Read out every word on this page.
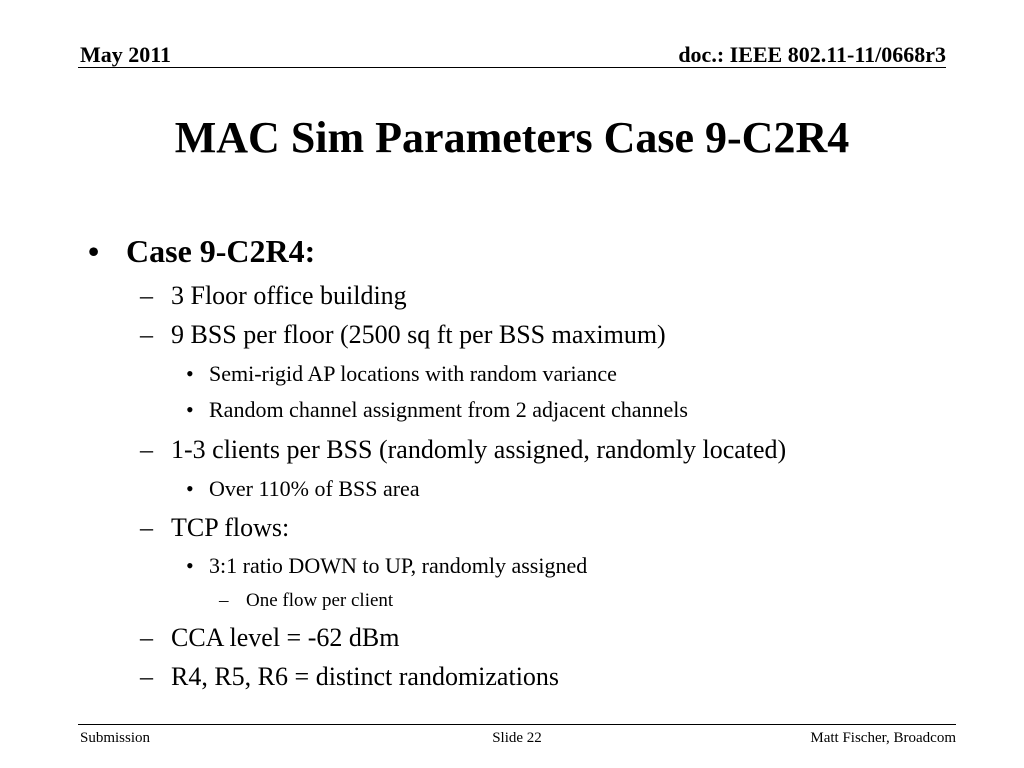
May 2011	doc.: IEEE 802.11-11/0668r3
MAC Sim Parameters Case 9-C2R4
• Case 9-C2R4:
– 3 Floor office building
– 9 BSS per floor (2500 sq ft per BSS maximum)
• Semi-rigid AP locations with random variance
• Random channel assignment from 2 adjacent channels
– 1-3 clients per BSS (randomly assigned, randomly located)
• Over 110% of BSS area
– TCP flows:
• 3:1 ratio DOWN to UP, randomly assigned
– One flow per client
– CCA level = -62 dBm
– R4, R5, R6 = distinct randomizations
Submission	Slide 22	Matt Fischer, Broadcom
